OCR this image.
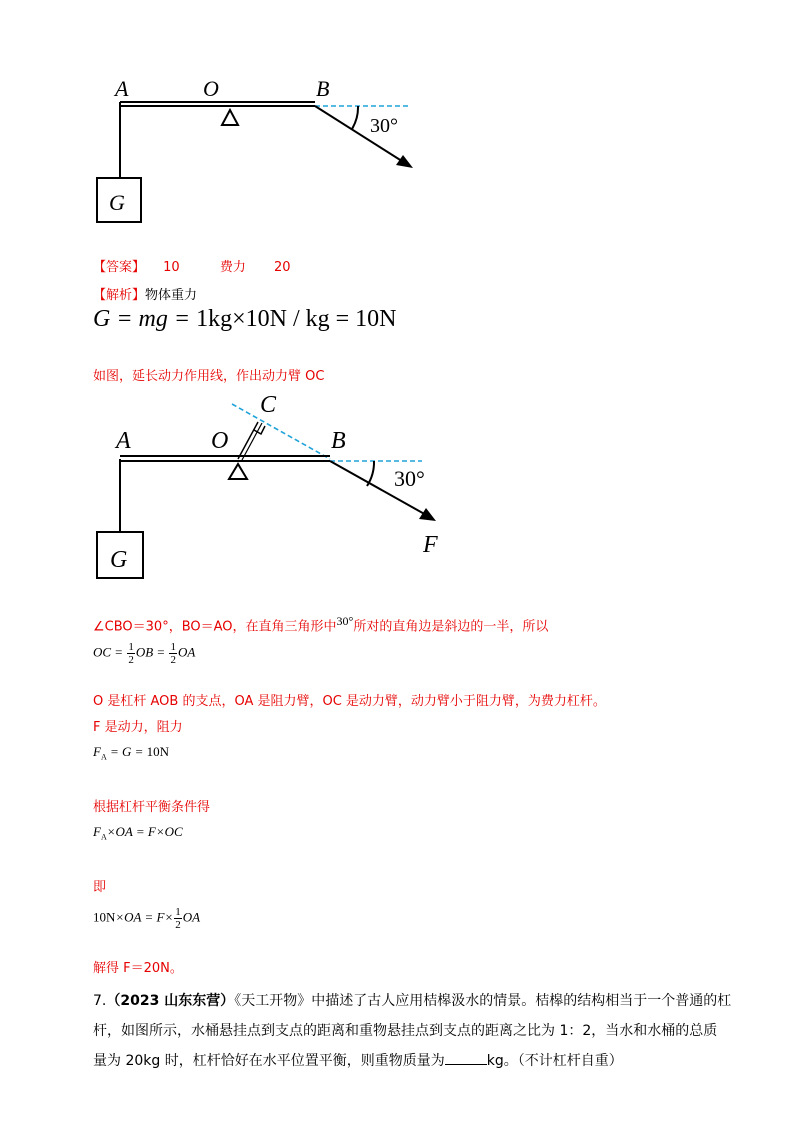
A	O	B
G
30°
【答案】 10	费力 20
【解析】物体重力
G = mg = 1kg×10N / kg = 10N
如图，延长动力作用线，作出动力臂 OC
C
A	O	B
G
30°
F
∠CBO＝30°，BO＝AO，在直角三角形中$^{30^\circ}$所对的直角边是斜边的一半，所以
OC = $\frac{1}{2}$ OB = $\frac{1}{2}$ OA
O 是杠杆 AOB 的支点，OA 是阻力臂，OC 是动力臂，动力臂小于阻力臂，为费力杠杆。
F 是动力，阻力
$F_A = G = 10N$
根据杠杆平衡条件得
$F_A\times OA = F\times OC$
即
$10N\times OA = F\times \frac{1}{2}$ OA
解得 F＝20N。
7.（2023 山东东营）《天工开物》中描述了古人应用桔槔汲水的情景。桔槔的结构相当于一个普通的杠
杆，如图所示，水桶悬挂点到支点的距离和重物悬挂点到支点的距离之比为 1：2，当水和水桶的总质
量为 20kg 时，杠杆恰好在水平位置平衡，则重物质量为	kg。（不计杠杆自重）
